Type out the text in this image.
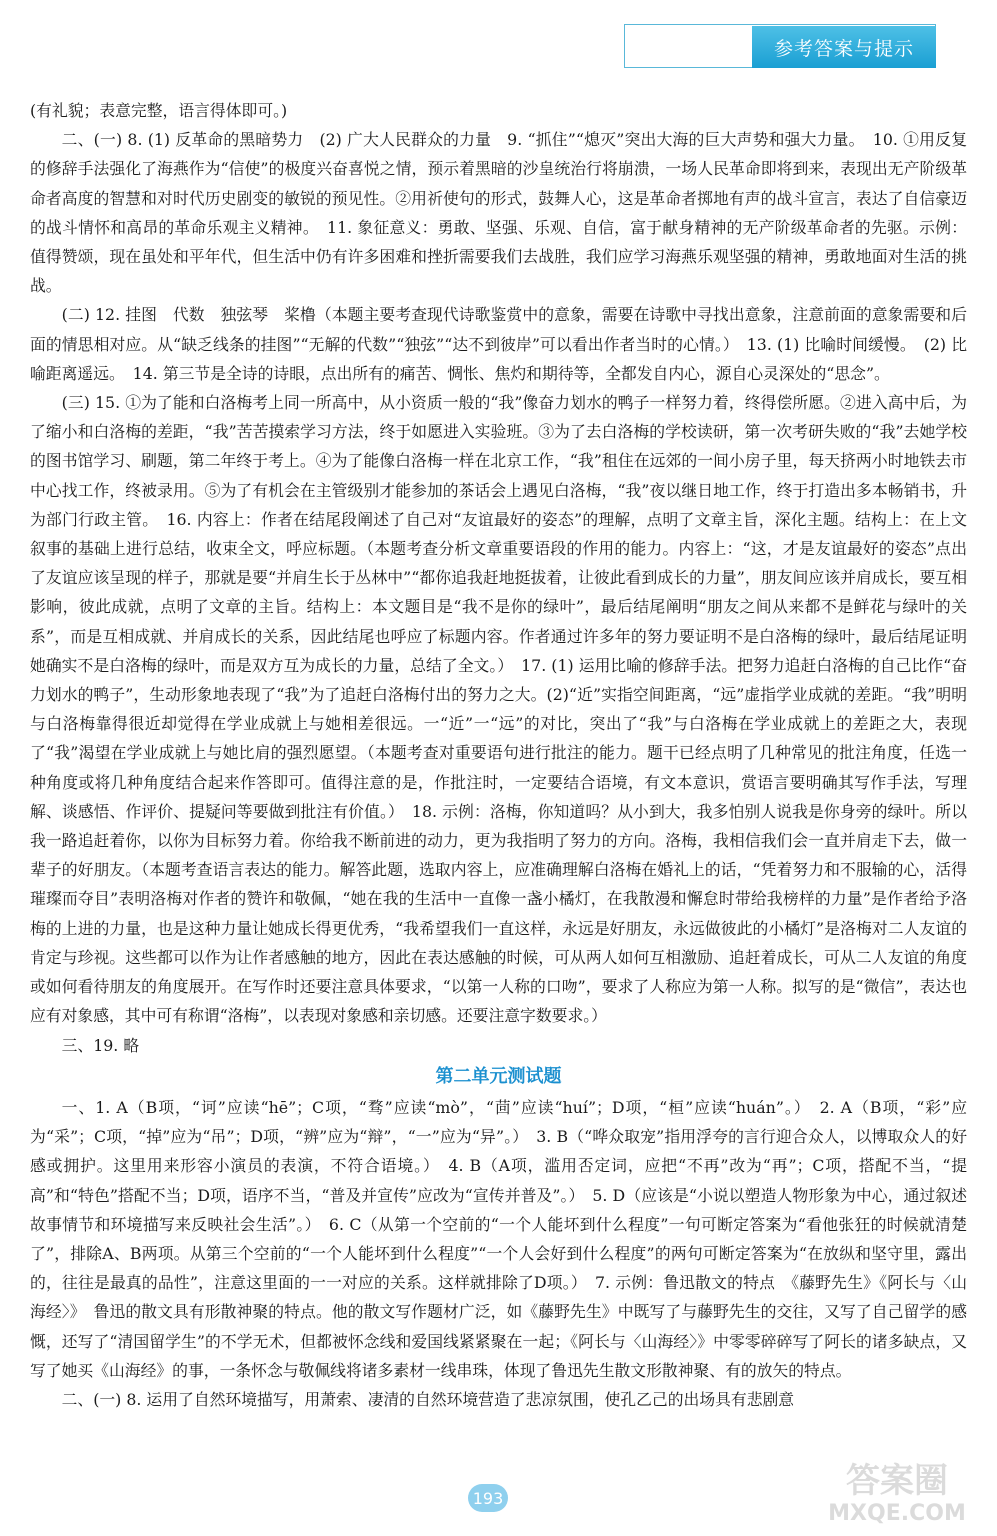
参考答案与提示

(有礼貌；表意完整，语言得体即可。)

二、(一) 8. (1) 反革命的黑暗势力　(2) 广大人民群众的力量　9. “抓住”“熄灭”突出大海的巨大声势和强大力量。　10. ①用反复的修辞手法强化了海燕作为“信使”的极度兴奋喜悦之情，预示着黑暗的沙皇统治行将崩溃，一场人民革命即将到来，表现出无产阶级革命者高度的智慧和对时代历史剧变的敏锐的预见性。②用祈使句的形式，鼓舞人心，这是革命者掷地有声的战斗宣言，表达了自信豪迈的战斗情怀和高昂的革命乐观主义精神。　11. 象征意义：勇敢、坚强、乐观、自信，富于献身精神的无产阶级革命者的先驱。示例：值得赞颂，现在虽处和平年代，但生活中仍有许多困难和挫折需要我们去战胜，我们应学习海燕乐观坚强的精神，勇敢地面对生活的挑战。

(二) 12. 挂图　代数　独弦琴　桨橹（本题主要考查现代诗歌鉴赏中的意象，需要在诗歌中寻找出意象，注意前面的意象需要和后面的情思相对应。从“缺乏线条的挂图”“无解的代数”“独弦”“达不到彼岸”可以看出作者当时的心情。）　13. (1) 比喻时间缓慢。　(2) 比喻距离遥远。　14. 第三节是全诗的诗眼，点出所有的痛苦、惆怅、焦灼和期待等，全都发自内心，源自心灵深处的“思念”。

(三) 15. ①为了能和白洛梅考上同一所高中，从小资质一般的“我”像奋力划水的鸭子一样努力着，终得偿所愿。②进入高中后，为了缩小和白洛梅的差距，“我”苦苦摸索学习方法，终于如愿进入实验班。③为了去白洛梅的学校读研，第一次考研失败的“我”去她学校的图书馆学习、刷题，第二年终于考上。④为了能像白洛梅一样在北京工作，“我”租住在远郊的一间小房子里，每天挤两小时地铁去市中心找工作，终被录用。⑤为了有机会在主管级别才能参加的茶话会上遇见白洛梅，“我”夜以继日地工作，终于打造出多本畅销书，升为部门行政主管。　16. 内容上：作者在结尾段阐述了自己对“友谊最好的姿态”的理解，点明了文章主旨，深化主题。结构上：在上文叙事的基础上进行总结，收束全文，呼应标题。（本题考查分析文章重要语段的作用的能力。内容上：“这，才是友谊最好的姿态”点出了友谊应该呈现的样子，那就是要“并肩生长于丛林中”“都你追我赶地挺拔着，让彼此看到成长的力量”，朋友间应该并肩成长，要互相影响，彼此成就，点明了文章的主旨。结构上：本文题目是“我不是你的绿叶”，最后结尾阐明“朋友之间从来都不是鲜花与绿叶的关系”，而是互相成就、并肩成长的关系，因此结尾也呼应了标题内容。作者通过许多年的努力要证明不是白洛梅的绿叶，最后结尾证明她确实不是白洛梅的绿叶，而是双方互为成长的力量，总结了全文。）　17. (1) 运用比喻的修辞手法。把努力追赶白洛梅的自己比作“奋力划水的鸭子”，生动形象地表现了“我”为了追赶白洛梅付出的努力之大。(2)“近”实指空间距离，“远”虚指学业成就的差距。“我”明明与白洛梅靠得很近却觉得在学业成就上与她相差很远。一“近”一“远”的对比，突出了“我”与白洛梅在学业成就上的差距之大，表现了“我”渴望在学业成就上与她比肩的强烈愿望。（本题考查对重要语句进行批注的能力。题干已经点明了几种常见的批注角度，任选一种角度或将几种角度结合起来作答即可。值得注意的是，作批注时，一定要结合语境，有文本意识，赏语言要明确其写作手法，写理解、谈感悟、作评价、提疑问等要做到批注有价值。）　18. 示例：洛梅，你知道吗？从小到大，我多怕别人说我是你身旁的绿叶。所以我一路追赶着你，以你为目标努力着。你给我不断前进的动力，更为我指明了努力的方向。洛梅，我相信我们会一直并肩走下去，做一辈子的好朋友。（本题考查语言表达的能力。解答此题，选取内容上，应准确理解白洛梅在婚礼上的话，“凭着努力和不服输的心，活得璀璨而夺目”表明洛梅对作者的赞许和敬佩，“她在我的生活中一直像一盏小橘灯，在我散漫和懈怠时带给我榜样的力量”是作者给予洛梅的上进的力量，也是这种力量让她成长得更优秀，“我希望我们一直这样，永远是好朋友，永远做彼此的小橘灯”是洛梅对二人友谊的肯定与珍视。这些都可以作为让作者感触的地方，因此在表达感触的时候，可从两人如何互相激励、追赶着成长，可从二人友谊的角度或如何看待朋友的角度展开。在写作时还要注意具体要求，“以第一人称的口吻”，要求了人称应为第一人称。拟写的是“微信”，表达也应有对象感，其中可有称谓“洛梅”，以表现对象感和亲切感。还要注意字数要求。）

三、19. 略

第二单元测试题

一、1. A（B项，“诃”应读“hē”；C项，“骛”应读“mò”，“茴”应读“huí”；D项，“桓”应读“huán”。）　2. A（B项，“彩”应为“采”；C项，“掉”应为“吊”；D项，“辨”应为“辩”，“一”应为“异”。）　3. B（“哗众取宠”指用浮夸的言行迎合众人，以博取众人的好感或拥护。这里用来形容小演员的表演，不符合语境。）　4. B（A项，滥用否定词，应把“不再”改为“再”；C项，搭配不当，“提高”和“特色”搭配不当；D项，语序不当，“普及并宣传”应改为“宣传并普及”。）　5. D（应该是“小说以塑造人物形象为中心，通过叙述故事情节和环境描写来反映社会生活”。）　6. C（从第一个空前的“一个人能坏到什么程度”一句可断定答案为“看他张狂的时候就清楚了”，排除A、B两项。从第三个空前的“一个人能坏到什么程度”“一个人会好到什么程度”的两句可断定答案为“在放纵和坚守里，露出的，往往是最真的品性”，注意这里面的一一对应的关系。这样就排除了D项。）　7. 示例：鲁迅散文的特点　《藤野先生》《阿长与〈山海经〉》　鲁迅的散文具有形散神聚的特点。他的散文写作题材广泛，如《藤野先生》中既写了与藤野先生的交往，又写了自己留学的感慨，还写了“清国留学生”的不学无术，但都被怀念线和爱国线紧紧聚在一起；《阿长与〈山海经〉》中零零碎碎写了阿长的诸多缺点，又写了她买《山海经》的事，一条怀念与敬佩线将诸多素材一线串珠，体现了鲁迅先生散文形散神聚、有的放矢的特点。

二、(一) 8. 运用了自然环境描写，用萧索、凄清的自然环境营造了悲凉氛围，使孔乙己的出场具有悲剧意

193	答案圈
MXQE.COM
